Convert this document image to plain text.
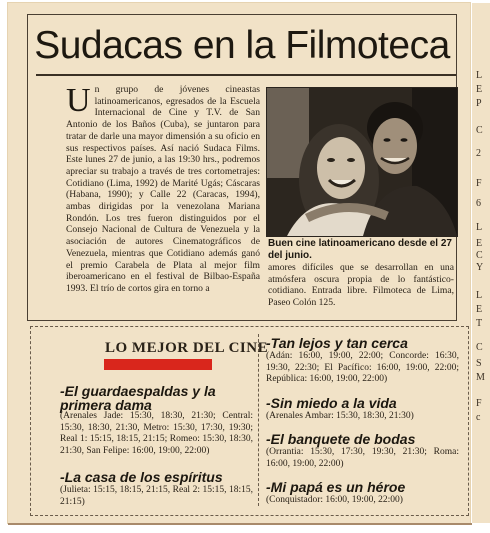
L
E
P
C
2
F
6
L
E
C
Y
L
E
T
C
S
M
F
c
Sudacas en la Filmoteca
Un grupo de jóvenes cineastas latinoamericanos, egresados de la Escuela Internacional de Cine y T.V. de San Antonio de los Baños (Cuba), se juntaron para tratar de darle una mayor dimensión a su oficio en sus respectivos países. Así nació Sudaca Films. Este lunes 27 de junio, a las 19:30 hrs., podremos apreciar su trabajo a través de tres cortometrajes: Cotidiano (Lima, 1992) de Marité Ugás; Cáscaras (Habana, 1990); y Calle 22 (Caracas, 1994), ambas dirigidas por la venezolana Mariana Rondón. Los tres fueron distinguidos por el Consejo Nacional de Cultura de Venezuela y la asociación de autores Cinematográficos de Venezuela, mientras que Cotidiano además ganó el premio Carabela de Plata al mejor film iberoamericano en el festival de Bilbao-España 1993. El trío de cortos gira en torno a
Buen cine latinoamericano desde el 27 del junio.
amores difíciles que se desarrollan en una atmósfera oscura propia de lo fantástico-cotidiano. Entrada libre. Filmoteca de Lima, Paseo Colón 125.
LO MEJOR DEL CINE
-El guardaespaldas y la primera dama
(Arenales Jade: 15:30, 18:30, 21:30; Central: 15:30, 18:30, 21:30, Metro: 15:30, 17:30, 19:30; Real 1: 15:15, 18:15, 21:15; Romeo: 15:30, 18:30, 21:30, San Felipe: 16:00, 19:00, 22:00)
-La casa de los espíritus
(Julieta: 15:15, 18:15, 21:15, Real 2: 15:15, 18:15, 21:15)
-Tan lejos y tan cerca
(Adán: 16:00, 19:00, 22:00; Concorde: 16:30, 19:30, 22:30; El Pacífico: 16:00, 19:00, 22:00; República: 16:00, 19:00, 22:00)
-Sin miedo a la vida
(Arenales Ambar: 15:30, 18:30, 21:30)
-El banquete de bodas
(Orrantia: 15:30, 17:30, 19:30, 21:30; Roma: 16:00, 19:00, 22:00)
-Mi papá es un héroe
(Conquistador: 16:00, 19:00, 22:00)
